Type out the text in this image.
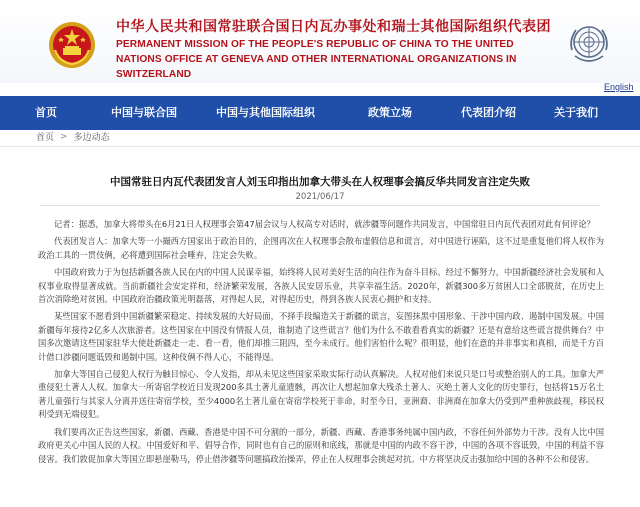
中华人民共和国常驻联合国日内瓦办事处和瑞士其他国际组织代表团
PERMANENT MISSION OF THE PEOPLE'S REPUBLIC OF CHINA TO THE UNITED NATIONS OFFICE AT GENEVA AND OTHER INTERNATIONAL ORGANIZATIONS IN SWITZERLAND
English
首页	中国与联合国	中国与其他国际组织	政策立场	代表团介绍	关于我们
首页 > 多边动态
中国常驻日内瓦代表团发言人刘玉印指出加拿大带头在人权理事会搞反华共同发言注定失败
2021/06/17

记者：据悉，加拿大将带头在6月21日人权理事会第47届会议与人权高专对话时，就涉疆等问题作共同发言，中国常驻日内瓦代表团对此有何评论？

代表团发言人：加拿大等一小撮西方国家出于政治目的，企图再次在人权理事会散布虚假信息和谎言，对中国进行诬陷，这不过是重复他们将人权作为政治工具的一贯伎俩，必将遭到国际社会唾弃，注定会失败。

中国政府致力于为包括新疆各族人民在内的中国人民谋幸福，始终将人民对美好生活的向往作为奋斗目标。经过不懈努力，中国新疆经济社会发展和人权事业取得显著成就。当前新疆社会安定祥和，经济繁荣发展，各族人民安居乐业，共享幸福生活。2020年，新疆300多万贫困人口全部脱贫，在历史上首次消除绝对贫困。中国政府治疆政策光明磊落，对得起人民，对得起历史，得到各族人民衷心拥护和支持。

某些国家不愿看到中国新疆繁荣稳定、持续发展的大好局面，不择手段编造关于新疆的谎言，妄图抹黑中国形象、干涉中国内政、遏制中国发展。中国新疆每年接待2亿多人次旅游者。这些国家在中国没有情报人员，谁制造了这些谎言？他们为什么不敢看看真实的新疆？还是有意给这些谎言提供舞台？中国多次邀请这些国家驻华大使赴新疆走一走、看一看，他们却推三阻四，至今未成行。他们害怕什么呢？很明显，他们在意的并非事实和真相，而是千方百计借口涉疆问题诋毁和遏制中国。这种伎俩不得人心，不能得逞。

加拿大等国自己侵犯人权行为触目惊心、令人发指，却从未见这些国家采取实际行动认真解决。人权对他们来说只是口号或整治别人的工具。加拿大严重侵犯土著人人权。加拿大一所寄宿学校近日发现200多具土著儿童遗骸，再次让人想起加拿大残杀土著人、灭绝土著人文化的历史罪行，包括将15万名土著儿童强行与其家人分离并送往寄宿学校，至少4000名土著儿童在寄宿学校死于非命，时至今日，亚洲裔、非洲裔在加拿大仍受到严重种族歧视，移民权利受到无端侵犯。

我们要再次正告这些国家，新疆、西藏、香港是中国不可分割的一部分，新疆、西藏、香港事务纯属中国内政，不容任何外部势力干涉。没有人比中国政府更关心中国人民的人权。中国爱好和平、倡导合作，同时也有自己的原则和底线，那就是中国的内政不容干涉，中国的各项不容诋毁，中国的利益不容侵害。我们敦促加拿大等国立即悬崖勒马，停止借涉疆等问题搞政治操弄，停止在人权理事会挑起对抗。中方将坚决反击强加给中国的各种不公和侵害。
